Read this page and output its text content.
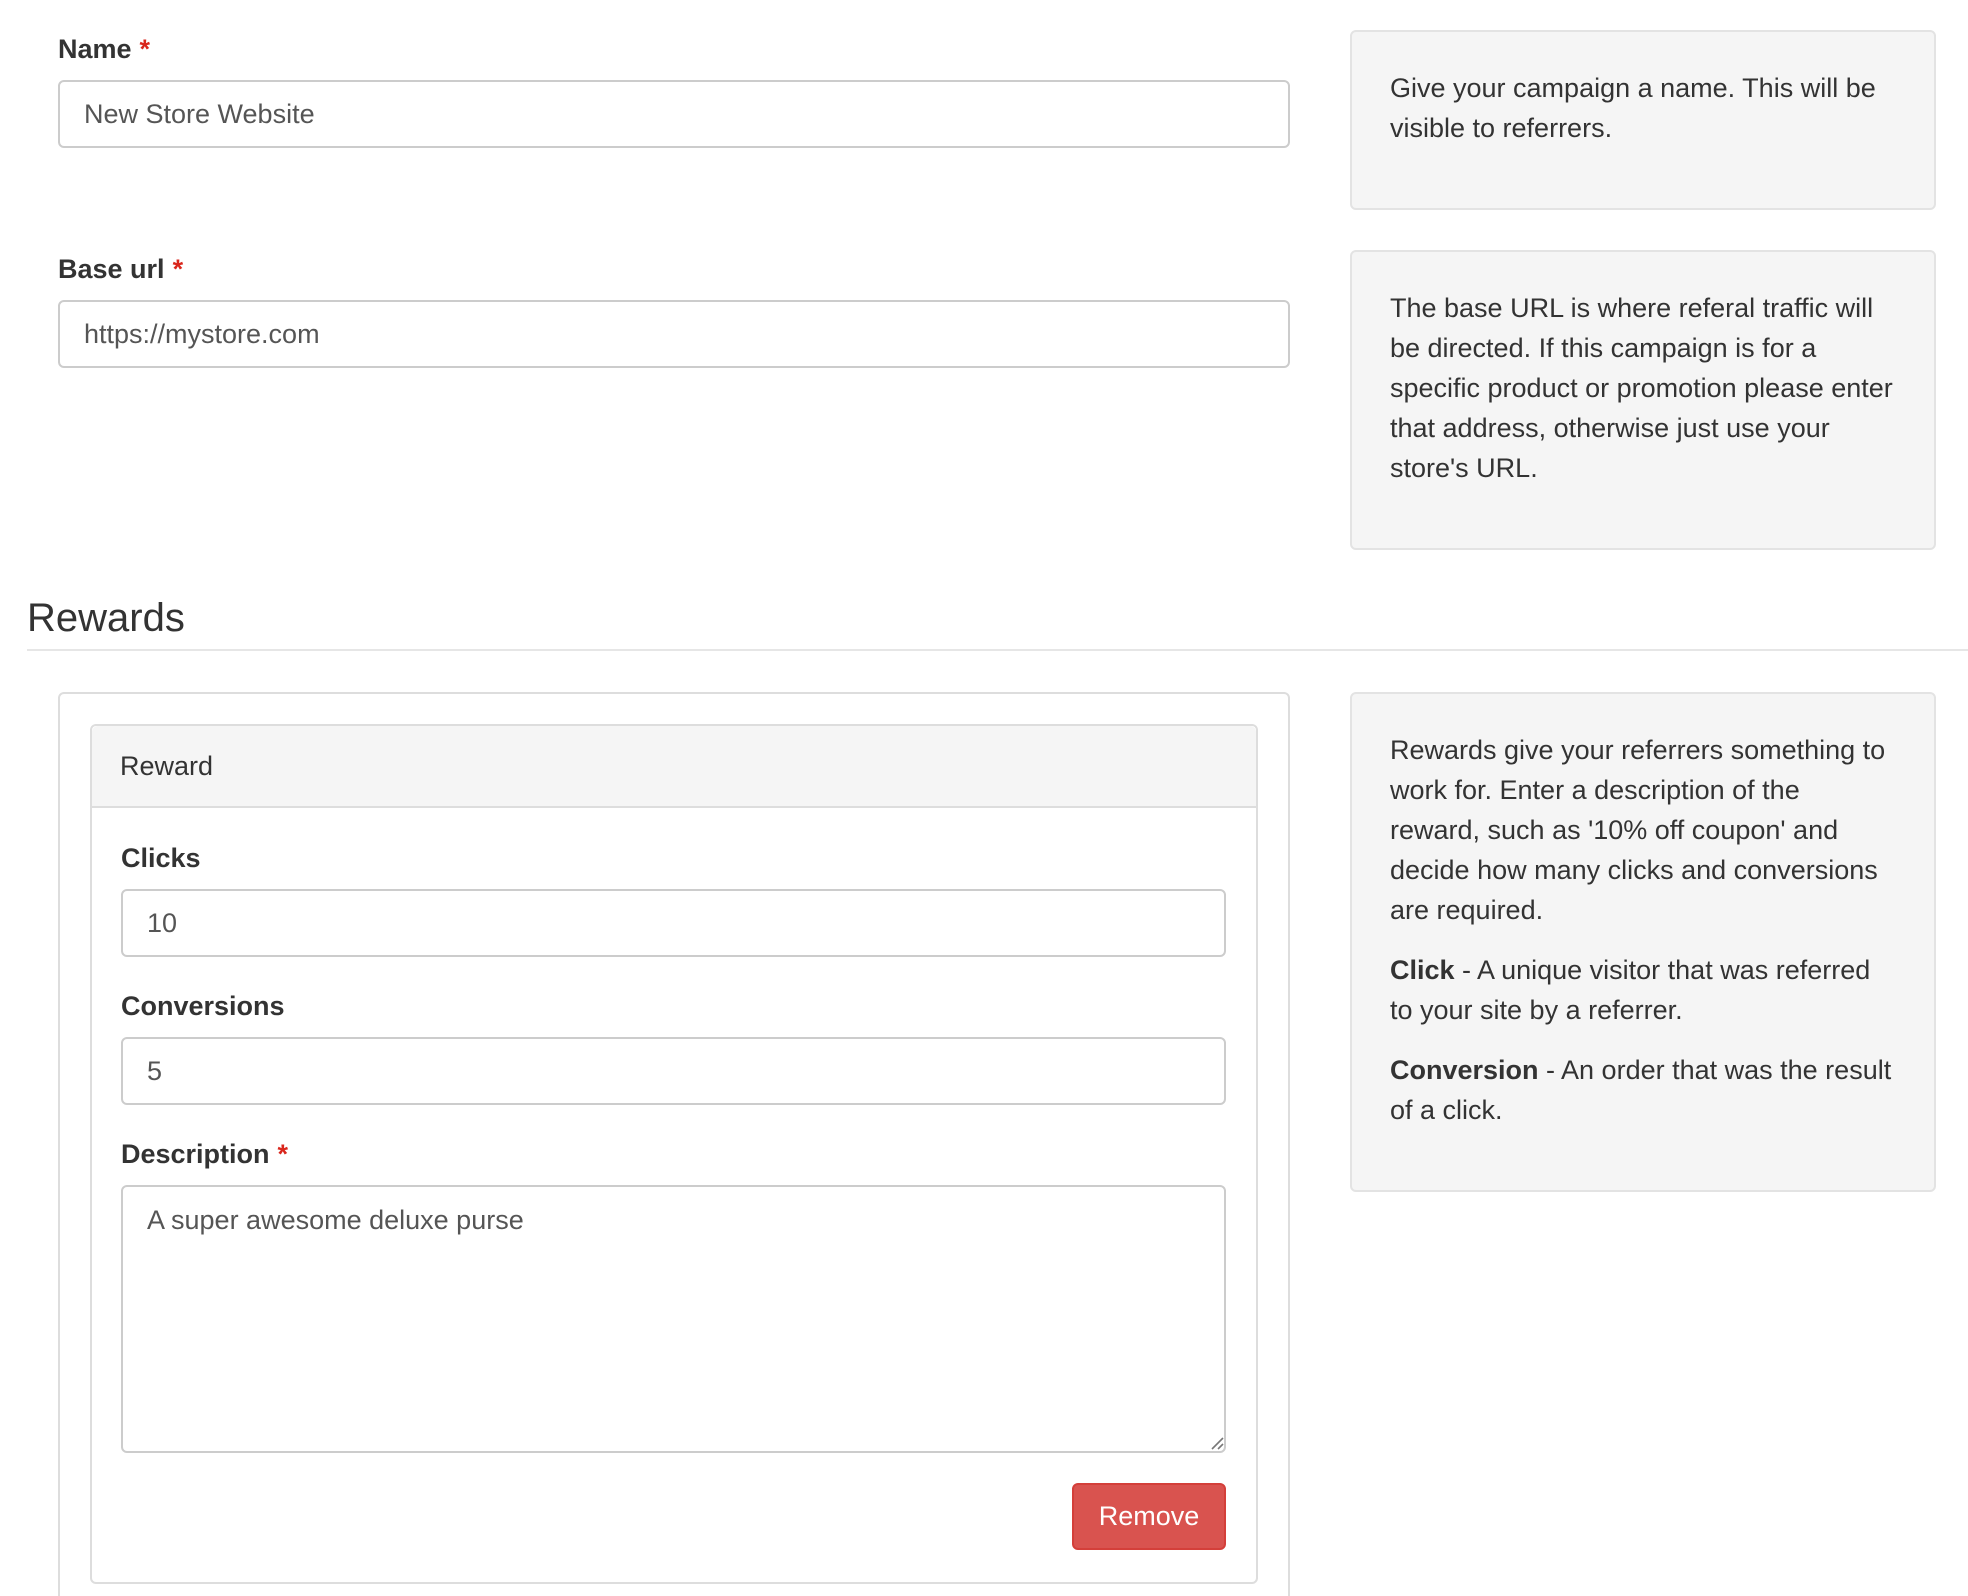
Name *
New Store Website

Give your campaign a name. This will be visible to referrers.

Base url *
https://mystore.com

The base URL is where referal traffic will be directed. If this campaign is for a specific product or promotion please enter that address, otherwise just use your store's URL.

Rewards
Reward
Clicks
10
Conversions
5
Description *
A super awesome deluxe purse
Remove

Rewards give your referrers something to work for. Enter a description of the reward, such as '10% off coupon' and decide how many clicks and conversions are required.

Click - A unique visitor that was referred to your site by a referrer.

Conversion - An order that was the result of a click.
